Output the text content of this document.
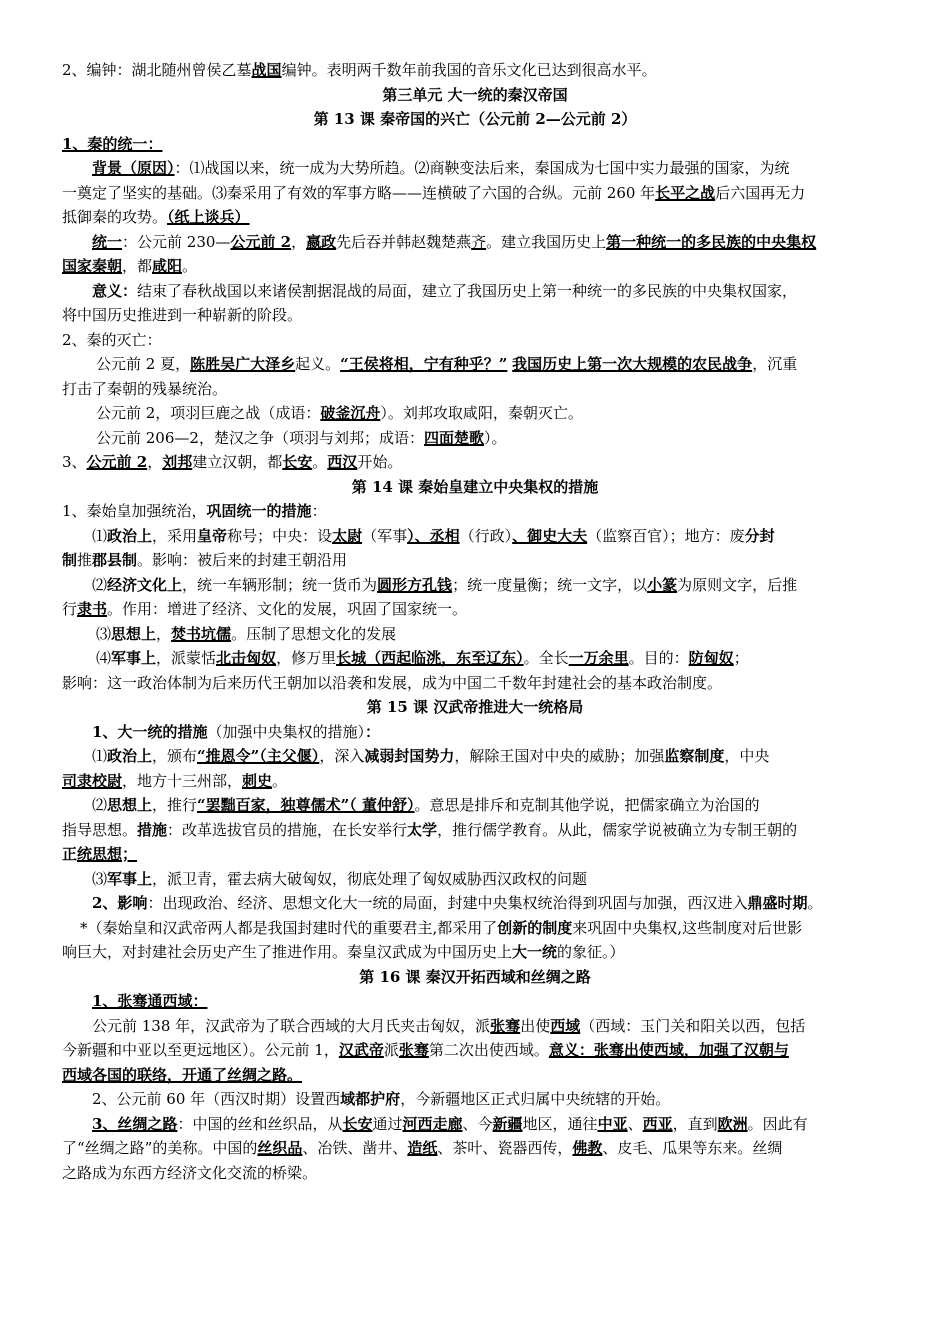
2、编钟：湖北随州曾侯乙墓战国编钟。表明两千数年前我国的音乐文化已达到很高水平。
第三单元 大一统的秦汉帝国
第 13 课 秦帝国的兴亡（公元前 2—公元前 2）
1、秦的统一：
背景（原因）：⑴战国以来，统一成为大势所趋。⑵商鞅变法后来，秦国成为七国中实力最强的国家，为统
一奠定了坚实的基础。⑶秦采用了有效的军事方略——连横破了六国的合纵。元前 260 年长平之战后六国再无力
抵御秦的攻势。（纸上谈兵）
统一：公元前 230—公元前 2，嬴政先后吞并韩赵魏楚燕齐。建立我国历史上第一种统一的多民族的中央集权
国家秦朝，都咸阳。
意义：结束了春秋战国以来诸侯割据混战的局面，建立了我国历史上第一种统一的多民族的中央集权国家，
将中国历史推进到一种崭新的阶段。
2、秦的灭亡：
公元前 2 夏，陈胜吴广大泽乡起义。“王侯将相，宁有种乎？” 我国历史上第一次大规模的农民战争，沉重
打击了秦朝的残暴统治。
公元前 2，项羽巨鹿之战（成语：破釜沉舟）。刘邦攻取咸阳，秦朝灭亡。
公元前 206—2，楚汉之争（项羽与刘邦；成语：四面楚歌）。
3、公元前 2，刘邦建立汉朝，都长安。西汉开始。
第 14 课 秦始皇建立中央集权的措施
1、秦始皇加强统治，巩固统一的措施：
⑴政治上，采用皇帝称号；中央：设太尉（军事）、丞相（行政）、御史大夫（监察百官）；地方：废分封
制推郡县制。影响：被后来的封建王朝沿用
⑵经济文化上，统一车辆形制；统一货币为圆形方孔钱；统一度量衡；统一文字，以小篆为原则文字，后推
行隶书。作用：增进了经济、文化的发展，巩固了国家统一。
⑶思想上，焚书坑儒。压制了思想文化的发展
⑷军事上，派蒙恬北击匈奴，修万里长城（西起临洮，东至辽东）。全长一万余里。目的：防匈奴；
影响：这一政治体制为后来历代王朝加以沿袭和发展，成为中国二千数年封建社会的基本政治制度。
第 15 课 汉武帝推进大一统格局
1、大一统的措施（加强中央集权的措施）：
⑴政治上，颁布“推恩令”（主父偃），深入减弱封国势力，解除王国对中央的威胁；加强监察制度，中央
司隶校尉，地方十三州部，刺史。
⑵思想上，推行“罢黜百家，独尊儒术”（ 董仲舒）。意思是排斥和克制其他学说，把儒家确立为治国的
指导思想。措施：改革选拔官员的措施，在长安举行太学，推行儒学教育。从此，儒家学说被确立为专制王朝的
正统思想；
⑶军事上，派卫青，霍去病大破匈奴，彻底处理了匈奴威胁西汉政权的问题
2、影响：出现政治、经济、思想文化大一统的局面，封建中央集权统治得到巩固与加强，西汉进入鼎盛时期。
*（秦始皇和汉武帝两人都是我国封建时代的重要君主,都采用了创新的制度来巩固中央集权,这些制度对后世影
响巨大，对封建社会历史产生了推进作用。秦皇汉武成为中国历史上大一统的象征。）
第 16 课 秦汉开拓西域和丝绸之路
1、张骞通西域：
公元前 138 年，汉武帝为了联合西域的大月氏夹击匈奴，派张骞出使西域（西域：玉门关和阳关以西，包括
今新疆和中亚以至更远地区）。公元前 1，汉武帝派张骞第二次出使西域。意义：张骞出使西域，加强了汉朝与
西域各国的联络，开通了丝绸之路。
2、公元前 60 年（西汉时期）设置西域都护府，今新疆地区正式归属中央统辖的开始。
3、丝绸之路：中国的丝和丝织品，从长安通过河西走廊、今新疆地区，通往中亚、西亚，直到欧洲。因此有
了“丝绸之路”的美称。中国的丝织品、冶铁、凿井、造纸、茶叶、瓷器西传，佛教、皮毛、瓜果等东来。丝绸
之路成为东西方经济文化交流的桥梁。
